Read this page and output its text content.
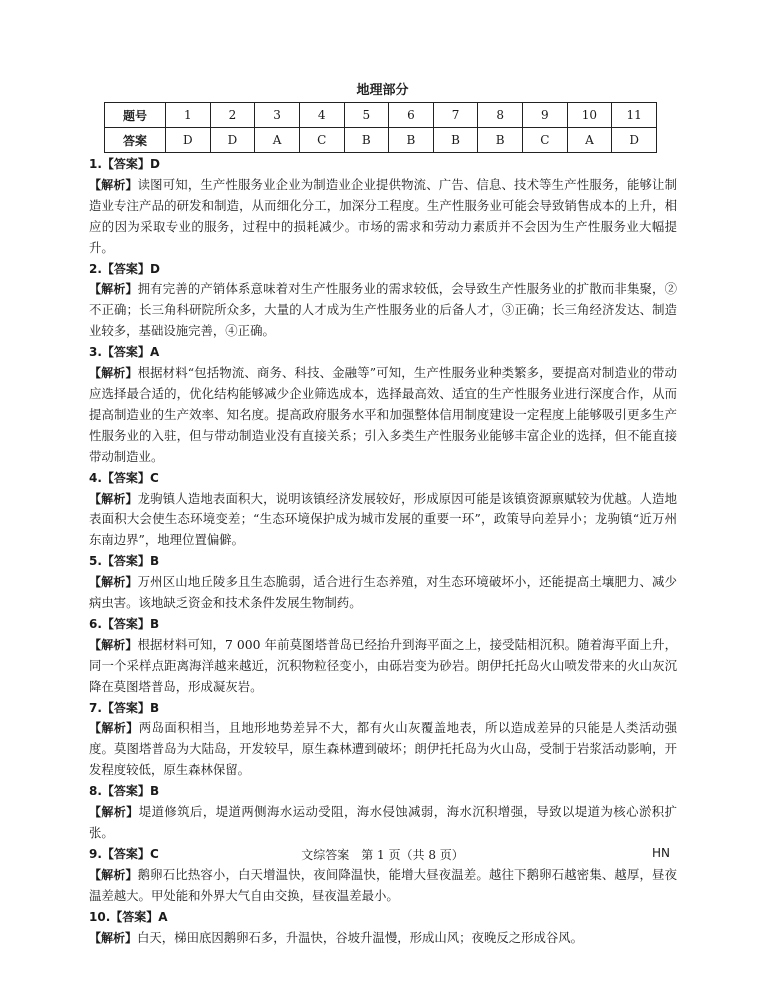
地理部分
题号	1	2	3	4	5	6	7	8	9	10	11
答案	D	D	A	C	B	B	B	B	C	A	D

1.【答案】D

【解析】读图可知，生产性服务业企业为制造业企业提供物流、广告、信息、技术等生产性服务，能够让制造业专注产品的研发和制造，从而细化分工，加深分工程度。生产性服务业可能会导致销售成本的上升，相应的因为采取专业的服务，过程中的损耗减少。市场的需求和劳动力素质并不会因为生产性服务业大幅提升。

2.【答案】D

【解析】拥有完善的产销体系意味着对生产性服务业的需求较低，会导致生产性服务业的扩散而非集聚，②不正确；长三角科研院所众多，大量的人才成为生产性服务业的后备人才，③正确；长三角经济发达、制造业较多，基础设施完善，④正确。

3.【答案】A

【解析】根据材料“包括物流、商务、科技、金融等”可知，生产性服务业种类繁多，要提高对制造业的带动应选择最合适的，优化结构能够减少企业筛选成本，选择最高效、适宜的生产性服务业进行深度合作，从而提高制造业的生产效率、知名度。提高政府服务水平和加强整体信用制度建设一定程度上能够吸引更多生产性服务业的入驻，但与带动制造业没有直接关系；引入多类生产性服务业能够丰富企业的选择，但不能直接带动制造业。

4.【答案】C

【解析】龙驹镇人造地表面积大，说明该镇经济发展较好，形成原因可能是该镇资源禀赋较为优越。人造地表面积大会使生态环境变差；“生态环境保护成为城市发展的重要一环”，政策导向差异小；龙驹镇“近万州东南边界”，地理位置偏僻。

5.【答案】B

【解析】万州区山地丘陵多且生态脆弱，适合进行生态养殖，对生态环境破坏小，还能提高土壤肥力、减少病虫害。该地缺乏资金和技术条件发展生物制药。

6.【答案】B

【解析】根据材料可知，7 000 年前莫图塔普岛已经抬升到海平面之上，接受陆相沉积。随着海平面上升，同一个采样点距离海洋越来越近，沉积物粒径变小，由砾岩变为砂岩。朗伊托托岛火山喷发带来的火山灰沉降在莫图塔普岛，形成凝灰岩。

7.【答案】B

【解析】两岛面积相当，且地形地势差异不大，都有火山灰覆盖地表，所以造成差异的只能是人类活动强度。莫图塔普岛为大陆岛，开发较早，原生森林遭到破坏；朗伊托托岛为火山岛，受制于岩浆活动影响，开发程度较低，原生森林保留。

8.【答案】B

【解析】堤道修筑后，堤道两侧海水运动受阻，海水侵蚀减弱，海水沉积增强，导致以堤道为核心淤积扩张。

9.【答案】C

【解析】鹅卵石比热容小，白天增温快，夜间降温快，能增大昼夜温差。越往下鹅卵石越密集、越厚，昼夜温差越大。甲处能和外界大气自由交换，昼夜温差最小。

10.【答案】A

【解析】白天，梯田底因鹅卵石多，升温快，谷坡升温慢，形成山风；夜晚反之形成谷风。

文综答案　第 1 页（共 8 页）	HN
